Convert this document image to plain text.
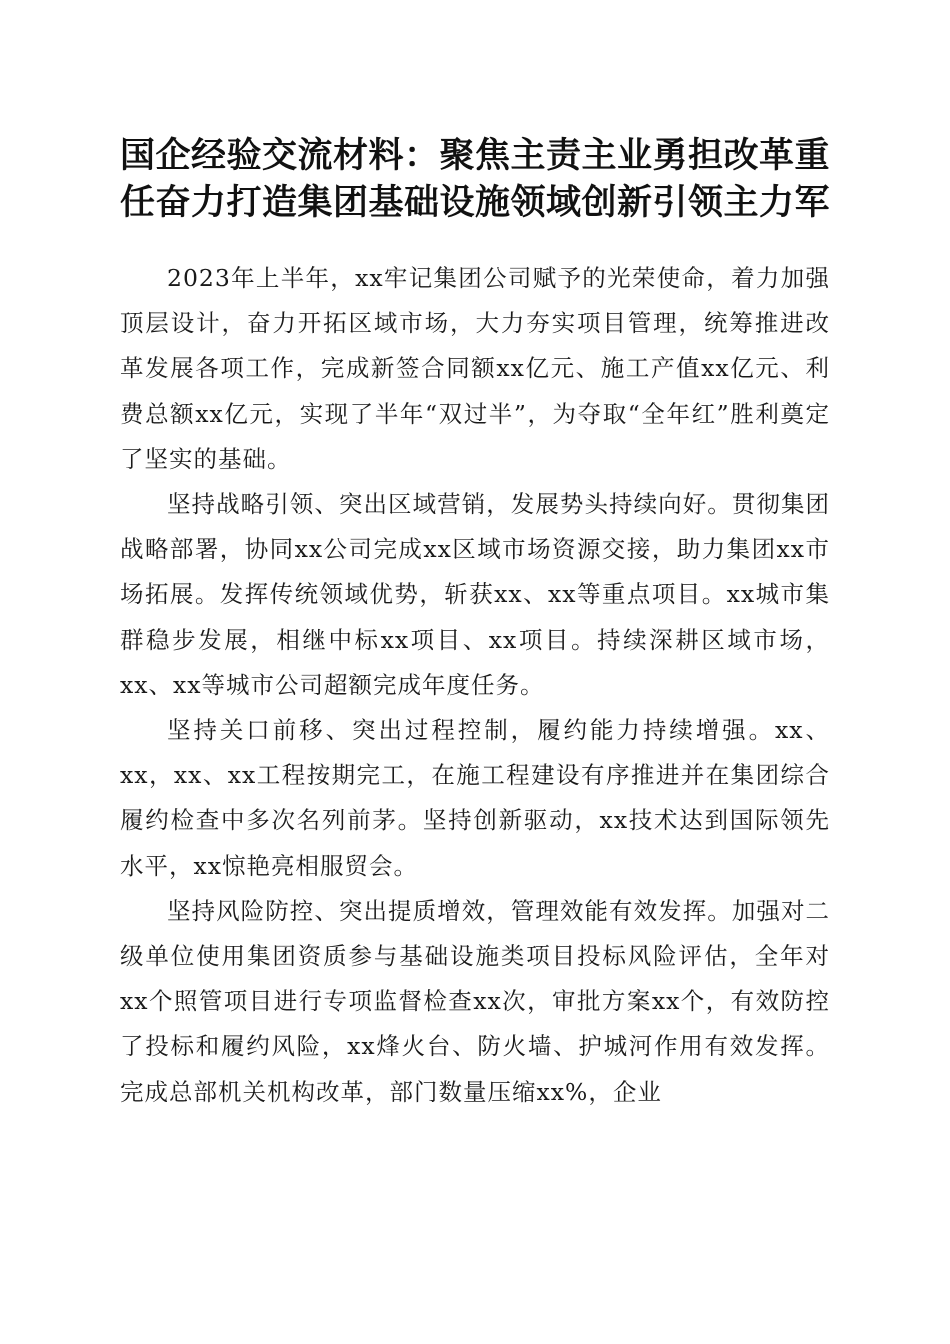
国企经验交流材料：聚焦主责主业勇担改革重任奋力打造集团基础设施领域创新引领主力军

2023年上半年，xx牢记集团公司赋予的光荣使命，着力加强顶层设计，奋力开拓区域市场，大力夯实项目管理，统筹推进改革发展各项工作，完成新签合同额xx亿元、施工产值xx亿元、利费总额xx亿元，实现了半年“双过半”，为夺取“全年红”胜利奠定了坚实的基础。

坚持战略引领、突出区域营销，发展势头持续向好。贯彻集团战略部署，协同xx公司完成xx区域市场资源交接，助力集团xx市场拓展。发挥传统领域优势，斩获xx、xx等重点项目。xx城市集群稳步发展，相继中标xx项目、xx项目。持续深耕区域市场，xx、xx等城市公司超额完成年度任务。

坚持关口前移、突出过程控制，履约能力持续增强。xx、xx，xx、xx工程按期完工，在施工程建设有序推进并在集团综合履约检查中多次名列前茅。坚持创新驱动，xx技术达到国际领先水平，xx惊艳亮相服贸会。

坚持风险防控、突出提质增效，管理效能有效发挥。加强对二级单位使用集团资质参与基础设施类项目投标风险评估，全年对xx个照管项目进行专项监督检查xx次，审批方案xx个，有效防控了投标和履约风险，xx烽火台、防火墙、护城河作用有效发挥。完成总部机关机构改革，部门数量压缩xx%，企业
